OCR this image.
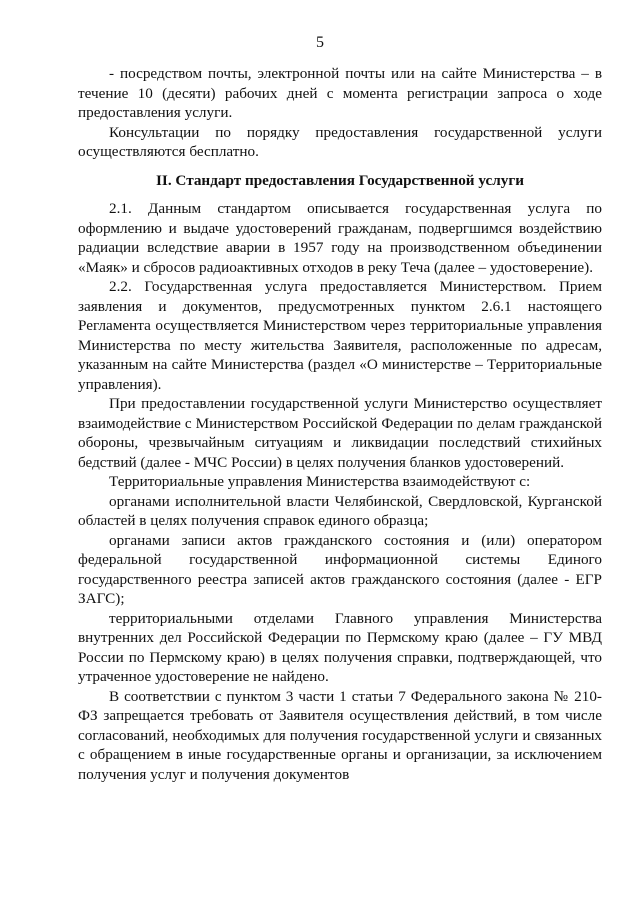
5

- посредством почты, электронной почты или на сайте Министерства – в течение 10 (десяти) рабочих дней с момента регистрации запроса о ходе предоставления услуги.

Консультации по порядку предоставления государственной услуги осуществляются бесплатно.

II. Стандарт предоставления Государственной услуги

2.1. Данным стандартом описывается государственная услуга по оформлению и выдаче удостоверений гражданам, подвергшимся воздействию радиации вследствие аварии в 1957 году на производственном объединении «Маяк» и сбросов радиоактивных отходов в реку Теча (далее – удостоверение).

2.2. Государственная услуга предоставляется Министерством. Прием заявления и документов, предусмотренных пунктом 2.6.1 настоящего Регламента осуществляется Министерством через территориальные управления Министерства по месту жительства Заявителя, расположенные по адресам, указанным на сайте Министерства (раздел «О министерстве – Территориальные управления).

При предоставлении государственной услуги Министерство осуществляет взаимодействие с Министерством Российской Федерации по делам гражданской обороны, чрезвычайным ситуациям и ликвидации последствий стихийных бедствий (далее - МЧС России) в целях получения бланков удостоверений.

Территориальные управления Министерства взаимодействуют с:

органами исполнительной власти Челябинской, Свердловской, Курганской областей в целях получения справок единого образца;

органами записи актов гражданского состояния и (или) оператором федеральной государственной информационной системы Единого государственного реестра записей актов гражданского состояния (далее - ЕГР ЗАГС);

территориальными отделами Главного управления Министерства внутренних дел Российской Федерации по Пермскому краю (далее – ГУ МВД России по Пермскому краю) в целях получения справки, подтверждающей, что утраченное удостоверение не найдено.

В соответствии с пунктом 3 части 1 статьи 7 Федерального закона № 210-ФЗ запрещается требовать от Заявителя осуществления действий, в том числе согласований, необходимых для получения государственной услуги и связанных с обращением в иные государственные органы и организации, за исключением получения услуг и получения документов
